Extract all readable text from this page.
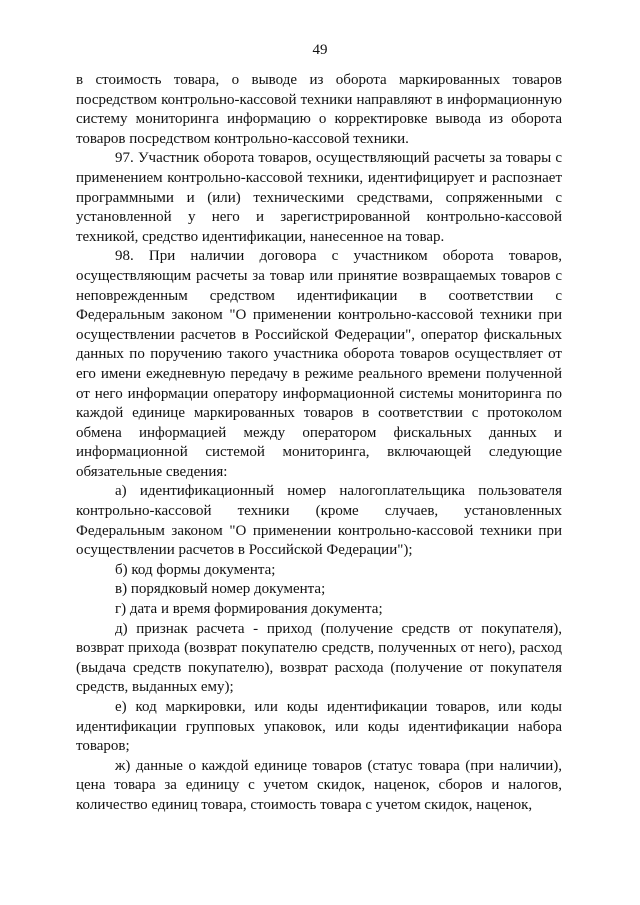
49

в стоимость товара, о выводе из оборота маркированных товаров посредством контрольно-кассовой техники направляют в информационную систему мониторинга информацию о корректировке вывода из оборота товаров посредством контрольно-кассовой техники.

97. Участник оборота товаров, осуществляющий расчеты за товары с применением контрольно-кассовой техники, идентифицирует и распознает программными и (или) техническими средствами, сопряженными с установленной у него и зарегистрированной контрольно-кассовой техникой, средство идентификации, нанесенное на товар.

98. При наличии договора с участником оборота товаров, осуществляющим расчеты за товар или принятие возвращаемых товаров с неповрежденным средством идентификации в соответствии с Федеральным законом "О применении контрольно-кассовой техники при осуществлении расчетов в Российской Федерации", оператор фискальных данных по поручению такого участника оборота товаров осуществляет от его имени ежедневную передачу в режиме реального времени полученной от него информации оператору информационной системы мониторинга по каждой единице маркированных товаров в соответствии с протоколом обмена информацией между оператором фискальных данных и информационной системой мониторинга, включающей следующие обязательные сведения:

а) идентификационный номер налогоплательщика пользователя контрольно-кассовой техники (кроме случаев, установленных Федеральным законом "О применении контрольно-кассовой техники при осуществлении расчетов в Российской Федерации");

б) код формы документа;

в) порядковый номер документа;

г) дата и время формирования документа;

д) признак расчета - приход (получение средств от покупателя), возврат прихода (возврат покупателю средств, полученных от него), расход (выдача средств покупателю), возврат расхода (получение от покупателя средств, выданных ему);

е) код маркировки, или коды идентификации товаров, или коды идентификации групповых упаковок, или коды идентификации набора товаров;

ж) данные о каждой единице товаров (статус товара (при наличии), цена товара за единицу с учетом скидок, наценок, сборов и налогов, количество единиц товара, стоимость товара с учетом скидок, наценок,
